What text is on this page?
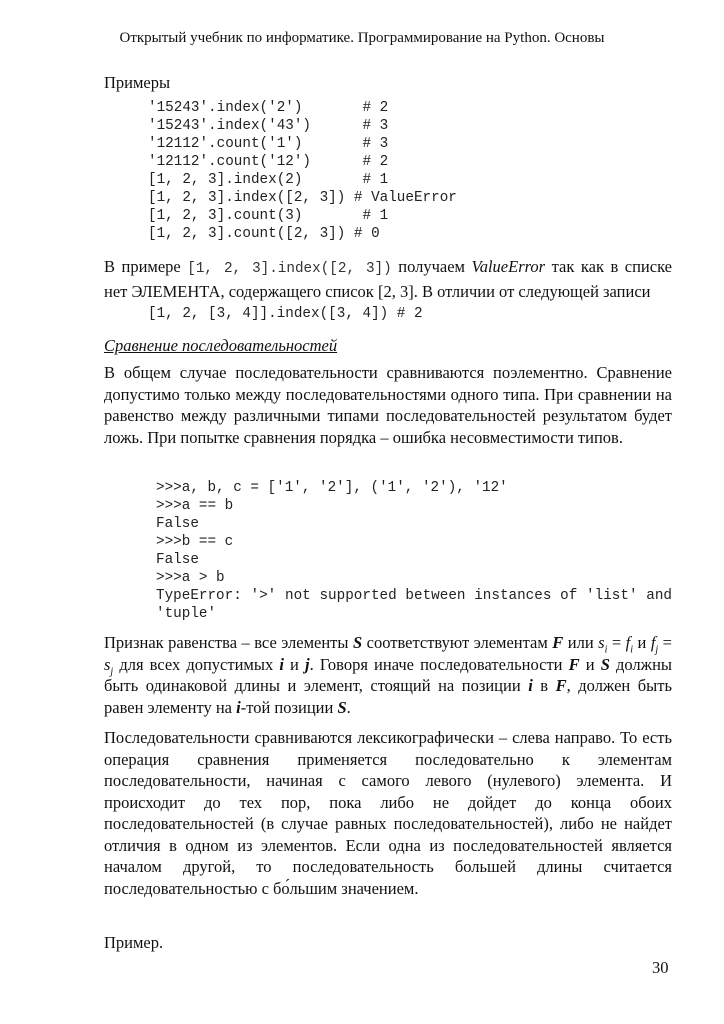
Открытый учебник по информатике. Программирование на Python. Основы

Примеры

'15243'.index('2')       # 2
'15243'.index('43')      # 3
'12112'.count('1')       # 3
'12112'.count('12')      # 2
[1, 2, 3].index(2)       # 1
[1, 2, 3].index([2, 3]) # ValueError
[1, 2, 3].count(3)       # 1
[1, 2, 3].count([2, 3]) # 0

В примере [1, 2, 3].index([2, 3]) получаем ValueError так как в списке нет ЭЛЕМЕНТА, содержащего список [2, 3]. В отличии от следующей записи

[1, 2, [3, 4]].index([3, 4]) # 2
Сравнение последовательностей

В общем случае последовательности сравниваются поэлементно. Сравнение допустимо только между последовательностями одного типа. При сравнении на равенство между различными типами последовательностей результатом будет ложь. При попытке сравнения порядка – ошибка несовместимости типов.

>>>a, b, c = ['1', '2'], ('1', '2'), '12'
>>>a == b
False
>>>b == c
False
>>>a > b
TypeError: '>' not supported between instances of 'list' and 'tuple'

Признак равенства – все элементы S соответствуют элементам F или $s_i = f_i$ и $f_j = s_j$ для всех допустимых i и j. Говоря иначе последовательности F и S должны быть одинаковой длины и элемент, стоящий на позиции i в F, должен быть равен элементу на i-той позиции S.

Последовательности сравниваются лексикографически – слева направо. То есть операция сравнения применяется последовательно к элементам последовательности, начиная с самого левого (нулевого) элемента. И происходит до тех пор, пока либо не дойдет до конца обоих последовательностей (в случае равных последовательностей), либо не найдет отличия в одном из элементов. Если одна из последовательностей является началом другой, то последовательность большей длины считается последовательностью с бо́льшим значением.

Пример.

30
